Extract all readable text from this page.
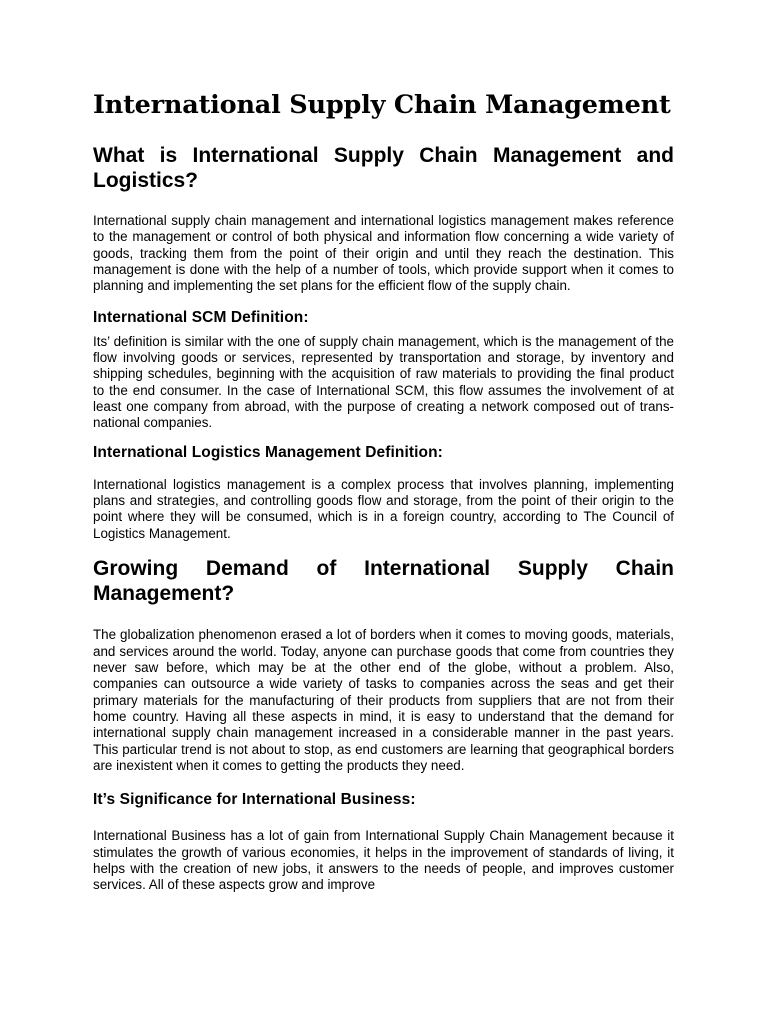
International Supply Chain Management
What is International Supply Chain Management and Logistics?

International supply chain management and international logistics management makes reference to the management or control of both physical and information flow concerning a wide variety of goods, tracking them from the point of their origin and until they reach the destination. This management is done with the help of a number of tools, which provide support when it comes to planning and implementing the set plans for the efficient flow of the supply chain.

International SCM Definition:

Its’ definition is similar with the one of supply chain management, which is the management of the flow involving goods or services, represented by transportation and storage, by inventory and shipping schedules, beginning with the acquisition of raw materials to providing the final product to the end consumer. In the case of International SCM, this flow assumes the involvement of at least one company from abroad, with the purpose of creating a network composed out of trans-national companies.

International Logistics Management Definition:

International logistics management is a complex process that involves planning, implementing plans and strategies, and controlling goods flow and storage, from the point of their origin to the point where they will be consumed, which is in a foreign country, according to The Council of Logistics Management.

Growing Demand of International Supply Chain Management?

The globalization phenomenon erased a lot of borders when it comes to moving goods, materials, and services around the world. Today, anyone can purchase goods that come from countries they never saw before, which may be at the other end of the globe, without a problem. Also, companies can outsource a wide variety of tasks to companies across the seas and get their primary materials for the manufacturing of their products from suppliers that are not from their home country. Having all these aspects in mind, it is easy to understand that the demand for international supply chain management increased in a considerable manner in the past years. This particular trend is not about to stop, as end customers are learning that geographical borders are inexistent when it comes to getting the products they need.

It’s Significance for International Business:

International Business has a lot of gain from International Supply Chain Management because it stimulates the growth of various economies, it helps in the improvement of standards of living, it helps with the creation of new jobs, it answers to the needs of people, and improves customer services. All of these aspects grow and improve
